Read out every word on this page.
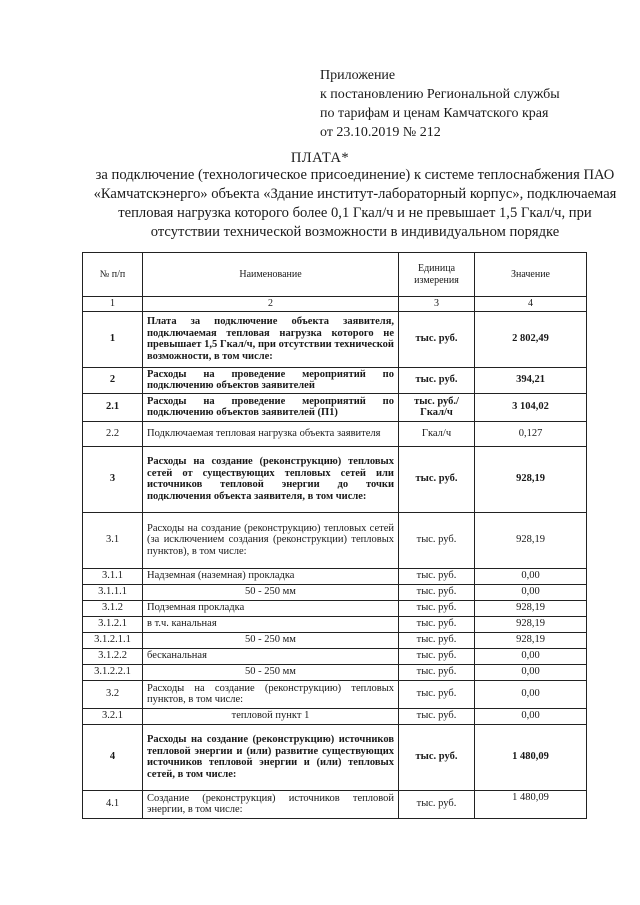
Приложение
к постановлению Региональной службы
по тарифам и ценам Камчатского края
от 23.10.2019 № 212
ПЛАТА*
за подключение (технологическое присоединение) к системе теплоснабжения ПАО
«Камчатскэнерго» объекта «Здание институт-лабораторный корпус», подключаемая
тепловая нагрузка которого более 0,1 Гкал/ч и не превышает 1,5 Гкал/ч, при
отсутствии технической возможности в индивидуальном порядке
№ п/п	Наименование	Единица измерения	Значение
1	2	3	4
1	Плата за подключение объекта заявителя, подключаемая тепловая нагрузка которого не превышает 1,5 Гкал/ч, при отсутствии технической возможности, в том числе:	тыс. руб.	2 802,49
2	Расходы на проведение мероприятий по подключению объектов заявителей	тыс. руб.	394,21
2.1	Расходы на проведение мероприятий по подключению объектов заявителей (П1)	тыс. руб./ Гкал/ч	3 104,02
2.2	Подключаемая тепловая нагрузка объекта заявителя	Гкал/ч	0,127
3	Расходы на создание (реконструкцию) тепловых сетей от существующих тепловых сетей или источников тепловой энергии до точки подключения объекта заявителя, в том числе:	тыс. руб.	928,19
3.1	Расходы на создание (реконструкцию) тепловых сетей (за исключением создания (реконструкции) тепловых пунктов), в том числе:	тыс. руб.	928,19
3.1.1	Надземная (наземная) прокладка	тыс. руб.	0,00
3.1.1.1	50 - 250 мм	тыс. руб.	0,00
3.1.2	Подземная прокладка	тыс. руб.	928,19
3.1.2.1	в т.ч. канальная	тыс. руб.	928,19
3.1.2.1.1	50 - 250 мм	тыс. руб.	928,19
3.1.2.2	бесканальная	тыс. руб.	0,00
3.1.2.2.1	50 - 250 мм	тыс. руб.	0,00
3.2	Расходы на создание (реконструкцию) тепловых пунктов, в том числе:	тыс. руб.	0,00
3.2.1	тепловой пункт 1	тыс. руб.	0,00
4	Расходы на создание (реконструкцию) источников тепловой энергии и (или) развитие существующих источников тепловой энергии и (или) тепловых сетей, в том числе:	тыс. руб.	1 480,09
4.1	Создание (реконструкция) источников тепловой энергии, в том числе:	тыс. руб.	1 480,09
